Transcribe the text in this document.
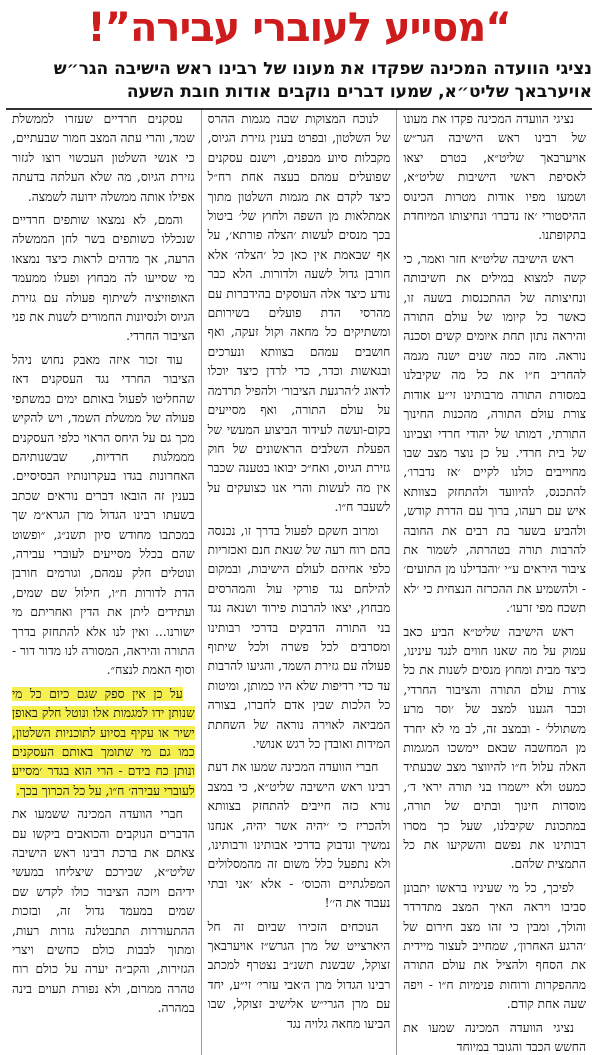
“מסייע לעוברי עבירה”!
נציגי הוועדה המכינה שפקדו את מעונו של רבינו ראש הישיבה הגר״ש
אויערבאך שליט״א, שמעו דברים נוקבים אודות חובת השעה

נציגי הוועדה המכינה פקדו את מעונו של רבינו ראש הישיבה הגר״ש אויערבאך שליט״א, בטרם יצאו לאסיפת ראשי הישיבות שליט״א, ושמעו מפיו אודות מטרות הכינוס ההיסטורי ׳אז נדברו׳ ונחיצותו המיוחדת בתקופתנו.

ראש הישיבה שליט״א חזר ואמר, כי קשה למצוא במילים את חשיבותה ונחיצותה של ההתכנסות בשעה זו, כאשר כל קיומו של עולם התורה והיראה נתון תחת איומים קשים וסכנה נוראה. מזה כמה שנים ישנה מגמה להחריב ח״ו את כל מה שקיבלנו במסורת התורה מרבותינו זי״ע אודות צורת עולם התורה, מהכנות החינוך התורתי, דמותו של יהודי חרדי וצביונו של בית חרדי. על כן נוצר מצב שבו מחוייבים כולנו לקיים ׳אז נדברו׳, להתכנס, להיוועד ולהתחזק בצוותא איש עם רעהו, ברוך עם הדרת קודש, ולהביע בשער בת רבים את החובה להרבות תורה בטהרתה, לשמור את ציבור היראים ע״י ׳והבדילנו מן התועים׳ - ולהשמיע את ההכרזה הנצחית כי ׳לא תשכח מפי זרעו׳.

ראש הישיבה שליט״א הביע כאב עמוק על מה שאנו חווים לנגד עינינו, כיצד מבית ומחוץ מנסים לשנות את כל צורת עולם התורה והציבור החרדי, וכבר הגענו למצב של ׳וסר מרע משתולל׳ - ובמצב זה, לב מי לא יחרד מן המחשבה שבאם יימשכו המגמות האלה עלול ח״ו להיווצר מצב שבעתיד כמעט ולא יישמרו בני תורה יראי ד׳, מוסדות חינוך ובתים של תורה, במתכונת שקיבלנו, שעל כך מסרו רבותינו את נפשם והשקיעו את כל התמצית שלהם.

לפיכך, כל מי שעיניו בראשו יתבונן סביבו ויראה האיך המצב מתדרדר והולך, ומבין כי זהו מצב חירום של ׳הרגע האחרון׳, שמחייב לעצור מיידית את הסחף ולהציל את עולם התורה מההפקרות ורוחות פנימיות ח״ו - ויפה שעה אחת קודם.

נציגי הוועדה המכינה שמעו את החשש הכבד והגובר במיוחד

לנוכח המצוקות שבה מגמות ההרס של השלטון, ובפרט בענין גזירת הגיוס, מקבלות סיוע מבפנים, וישנם עסקנים שפועלים עמהם בעצה אחת רח״ל כיצד לקדם את מגמות השלטון מתוך אמתלאות מן השפה ולחוץ של׳ ביטול בכך מנסים לעשות ׳הצלה פורתא׳, על אף שבאמת אין כאן כל ׳הצלה׳ אלא חורבן גדול לשעה ולדורות. הלא כבר נודע כיצד אלה העוסקים בהידברות עם מהרסי הדת פועלים בשירותם ומשתיקים כל מחאה וקול זעקה, ואף חושבים עמהם בצוותא ונערכים ובגאשות וכדר, כדי לרדן כיצד יוכלו לדאוג ל׳הרגעת הציבור׳ ולהפיל תרדמה על עולם התורה, ואף מסייעים בקום-ועשה לעידוד הביצוע המעשי של הפעלת השלבים הראשונים של חוק גזירת הגיוס, ואח״כ יבואו בטענה שכבר אין מה לעשות והרי אנו כצועקים על לשעבר ח״ו.

ומרוב חשקם לפעול בדרך זו, נכנסה בהם רוח רעה של שנאת חנם ואכזריות כלפי אחיהם לעולם הישיבות, ובמקום להילחם נגד פורקי עול והמהרסים מבחוץ, יצאו להרבות פירוד ושנאה נגד בני התורה הדבקים בדרכי רבותינו ומסרבים לכל פשרה ולכל שיתוף פעולה עם גזירת השמד, והגיעו להרבות עד כדי רדיפות שלא היו כמותן, ומיטות כל הלכות שבין אדם לחברו, בצורה המביאה לאוירה נוראה של השחתת המידות ואובדן כל רגש אנושי.

חברי הוועדה המכינה שמעו את דעת רבינו ראש הישיבה שליט״א, כי במצב נורא כזה חייבים להתחזק בצוותא ולהכריז כי ׳יהיה אשר יהיה, אנחנו נמשיך ונדבוק בדרכי אבותינו ורבותינו, ולא נתפעל כלל משום זה מהמסלולים המפלגתיים והכוס׳ - אלא ׳אני ובתי נעבוד את ה׳׳!

הנוכחים הזכירו שביום זה חל היארצייט של מרן הגרש״ז אויערבאך זצוקל, שבשנת תשנ״ב נצטרף למכתב רבינו הגדול מרן ה׳אבי עזרי׳ זי״ע, יחד עם מרן הגרי״ש אלישיב זצוקל, שבו הביעו מחאה גלויה נגד

עסקנים חרדיים שעזרו לממשלת שמד, והרי עתה המצב חמור שבעתיים, כי אנשי השלטון העכשוי רוצו לגזור גזירת הגיוס, מה שלא העלתה בדעתה אפילו אותה ממשלה ידועה לשמצה.

והמם, לא נמצאו שותפים חרדיים שנכללו כשותפים בשר לחן הממשלה הרעה, אך מדהים לראות כיצד נמצאו מי שסייעו לה מבחוץ ופעלו ממעמד האופוזיציה לשיתוף פעולה עם גזירת הגיוס ולנסיונות החמורים לשנות את פני הציבור החרדי.

עוד זכור איזה מאבק נחוש ניהל הציבור החרדי נגד העסקנים דאז שהחליטו לפעול באותם ימים כמשתפי פעולה של ממשלת השמד, ויש להקיש מכך גם על היחס הראוי כלפי העסקנים מממלגות חרדיות, שבשנותיהם האחרונות בגדו בעקרונותיו הבסיסיים. בענין זה הובאו דברים נוראים שכתב בשעתו רבינו הגדול מרן הגרא״מ שך במכתבו מחודש סיון תשנ״ג, ״ופשוט שהם בכלל מסייעים לעוברי עבירה, ונוטלים חלק עמהם, וגורמים חורבן הדת לדורות ח״ו, חילול שם שמים, ועתידים ליתן את הדין ואחריתם מי ישורנו... ואין לנו אלא להתחזק בדרך התורה והיראה, המסורה לנו מדור דור - וסוף האמת לנצח״.

על כן אין ספק שגם כיום כל מי שנותן ידו למגמות אלו ונוטל חלק באופן ישיר או עקיף בסיוע לתוכניות השלטון, כמו גם מי שתומך באותם העסקנים ונותן כח בידם - הרי הוא בגדר ׳מסייע לעוברי עבירה׳ ח״ו, על כל הכרוך בכך.

חברי הוועדה המכינה ששמעו את הדברים הנוקבים והכואבים ביקשו עם צאתם את ברכת רבינו ראש הישיבה שליט״א, שבירכם שיצליחו במעשי ידיהם ויזכה הציבור כולו לקדש שם שמים במעמד גדול זה, ובזכות ההתעוררות תתבטלנה גזרות רעות, ומתוך לבבות כולם כחשים ויצרי הגזירות, והקב״ה יערה על כולם רוח טהרה ממרום, ולא נפורת תעוים בינה במהרה.
